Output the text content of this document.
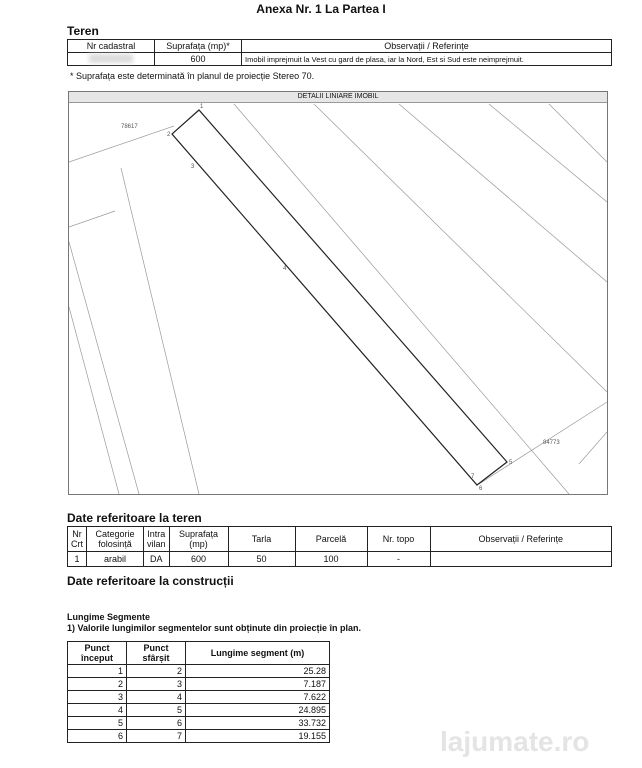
Anexa Nr. 1 La Partea I
Teren
Nr cadastral	Suprafața (mp)*	Observații / Referințe
	600	Imobil imprejmuit la Vest cu gard de plasa, iar la Nord, Est si Sud este neimprejmuit.
* Suprafața este determinată în planul de proiecție Stereo 70.
DETALII LINIARE IMOBIL
78617
84773
1
2
3
4
5
6
7
Date referitoare la teren
Nr Crt	Categorie folosință	Intra vilan	Suprafața (mp)	Tarla	Parcelă	Nr. topo	Observații / Referințe
1	arabil	DA	600	50	100	-	
Date referitoare la construcții
Lungime Segmente
1) Valorile lungimilor segmentelor sunt obținute din proiecție în plan.
Punct început	Punct sfârșit	Lungime segment (m)
1	2	25.28
2	3	7.187
3	4	7.622
4	5	24.895
5	6	33.732
6	7	19.155	lajumate.ro
